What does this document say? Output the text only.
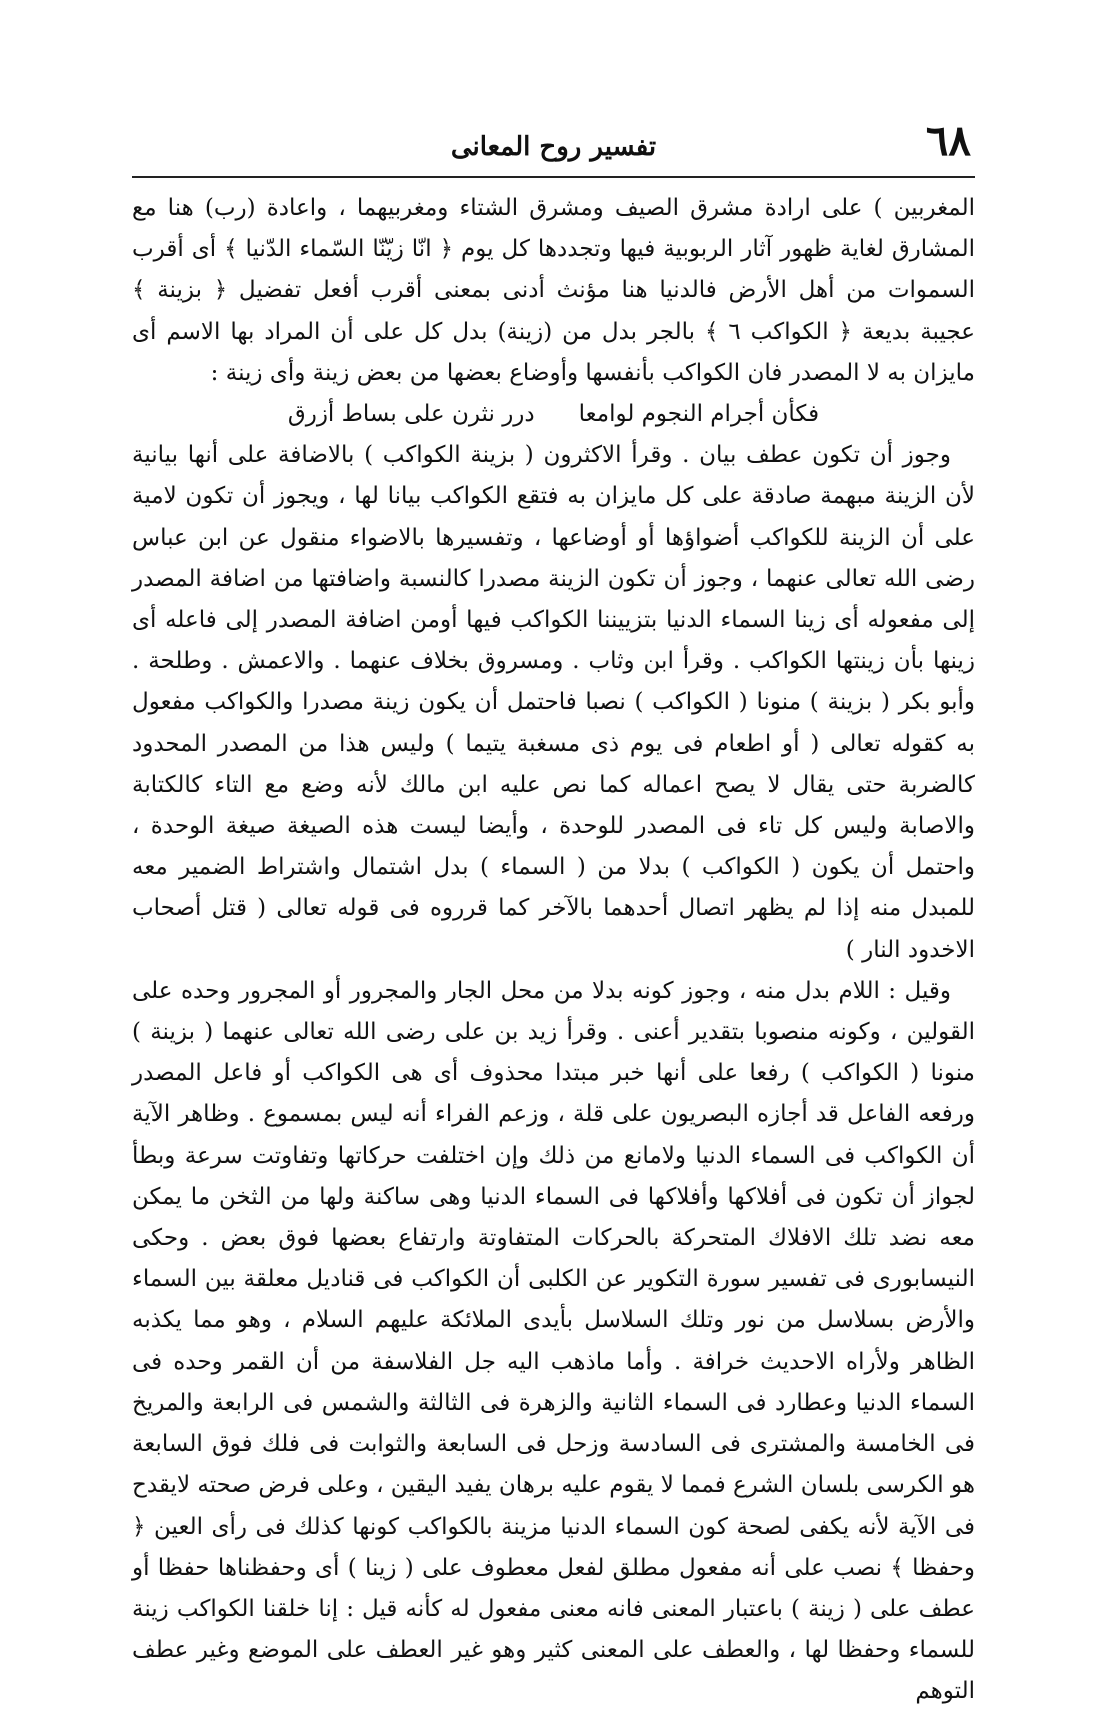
٦٨
تفسير روح المعانى

المغربين ) على ارادة مشرق الصيف ومشرق الشتاء ومغربيهما ، واعادة (رب) هنا مع المشارق لغاية ظهور آثار الربوبية فيها وتجددها كل يوم ﴿ انّا زيّنّا السّماء الدّنيا ﴾ أى أقرب السموات من أهل الأرض فالدنيا هنا مؤنث أدنى بمعنى أقرب أفعل تفضيل ﴿ بزينة ﴾ عجيبة بديعة ﴿ الكواكب ٦ ﴾ بالجر بدل من (زينة) بدل كل على أن المراد بها الاسم أى مايزان به لا المصدر فان الكواكب بأنفسها وأوضاع بعضها من بعض زينة وأى زينة :

فكأن أجرام النجوم لوامعا
درر نثرن على بساط أزرق

وجوز أن تكون عطف بيان . وقرأ الاكثرون ( بزينة الكواكب ) بالاضافة على أنها بيانية لأن الزينة مبهمة صادقة على كل مايزان به فتقع الكواكب بيانا لها ، ويجوز أن تكون لامية على أن الزينة للكواكب أضواؤها أو أوضاعها ، وتفسيرها بالاضواء منقول عن ابن عباس رضى الله تعالى عنهما ، وجوز أن تكون الزينة مصدرا كالنسبة واضافتها من اضافة المصدر إلى مفعوله أى زينا السماء الدنيا بتزييننا الكواكب فيها أومن اضافة المصدر إلى فاعله أى زينها بأن زينتها الكواكب . وقرأ ابن وثاب . ومسروق بخلاف عنهما . والاعمش . وطلحة . وأبو بكر ( بزينة ) منونا ( الكواكب ) نصبا فاحتمل أن يكون زينة مصدرا والكواكب مفعول به كقوله تعالى ( أو اطعام فى يوم ذى مسغبة يتيما ) وليس هذا من المصدر المحدود كالضربة حتى يقال لا يصح اعماله كما نص عليه ابن مالك لأنه وضع مع التاء كالكتابة والاصابة وليس كل تاء فى المصدر للوحدة ، وأيضا ليست هذه الصيغة صيغة الوحدة ، واحتمل أن يكون ( الكواكب ) بدلا من ( السماء ) بدل اشتمال واشتراط الضمير معه للمبدل منه إذا لم يظهر اتصال أحدهما بالآخر كما قرروه فى قوله تعالى ( قتل أصحاب الاخدود النار )

وقيل : اللام بدل منه ، وجوز كونه بدلا من محل الجار والمجرور أو المجرور وحده على القولين ، وكونه منصوبا بتقدير أعنى . وقرأ زيد بن على رضى الله تعالى عنهما ( بزينة ) منونا ( الكواكب ) رفعا على أنها خبر مبتدا محذوف أى هى الكواكب أو فاعل المصدر ورفعه الفاعل قد أجازه البصريون على قلة ، وزعم الفراء أنه ليس بمسموع . وظاهر الآية أن الكواكب فى السماء الدنيا ولامانع من ذلك وإن اختلفت حركاتها وتفاوتت سرعة وبطأ لجواز أن تكون فى أفلاكها وأفلاكها فى السماء الدنيا وهى ساكنة ولها من الثخن ما يمكن معه نضد تلك الافلاك المتحركة بالحركات المتفاوتة وارتفاع بعضها فوق بعض . وحكى النيسابورى فى تفسير سورة التكوير عن الكلبى أن الكواكب فى قناديل معلقة بين السماء والأرض بسلاسل من نور وتلك السلاسل بأيدى الملائكة عليهم السلام ، وهو مما يكذبه الظاهر ولأراه الاحديث خرافة . وأما ماذهب اليه جل الفلاسفة من أن القمر وحده فى السماء الدنيا وعطارد فى السماء الثانية والزهرة فى الثالثة والشمس فى الرابعة والمريخ فى الخامسة والمشترى فى السادسة وزحل فى السابعة والثوابت فى فلك فوق السابعة هو الكرسى بلسان الشرع فمما لا يقوم عليه برهان يفيد اليقين ، وعلى فرض صحته لايقدح فى الآية لأنه يكفى لصحة كون السماء الدنيا مزينة بالكواكب كونها كذلك فى رأى العين ﴿ وحفظا ﴾ نصب على أنه مفعول مطلق لفعل معطوف على ( زينا ) أى وحفظناها حفظا أو عطف على ( زينة ) باعتبار المعنى فانه معنى مفعول له كأنه قيل : إنا خلقنا الكواكب زينة للسماء وحفظا لها ، والعطف على المعنى كثير وهو غير العطف على الموضع وغير عطف التوهم
